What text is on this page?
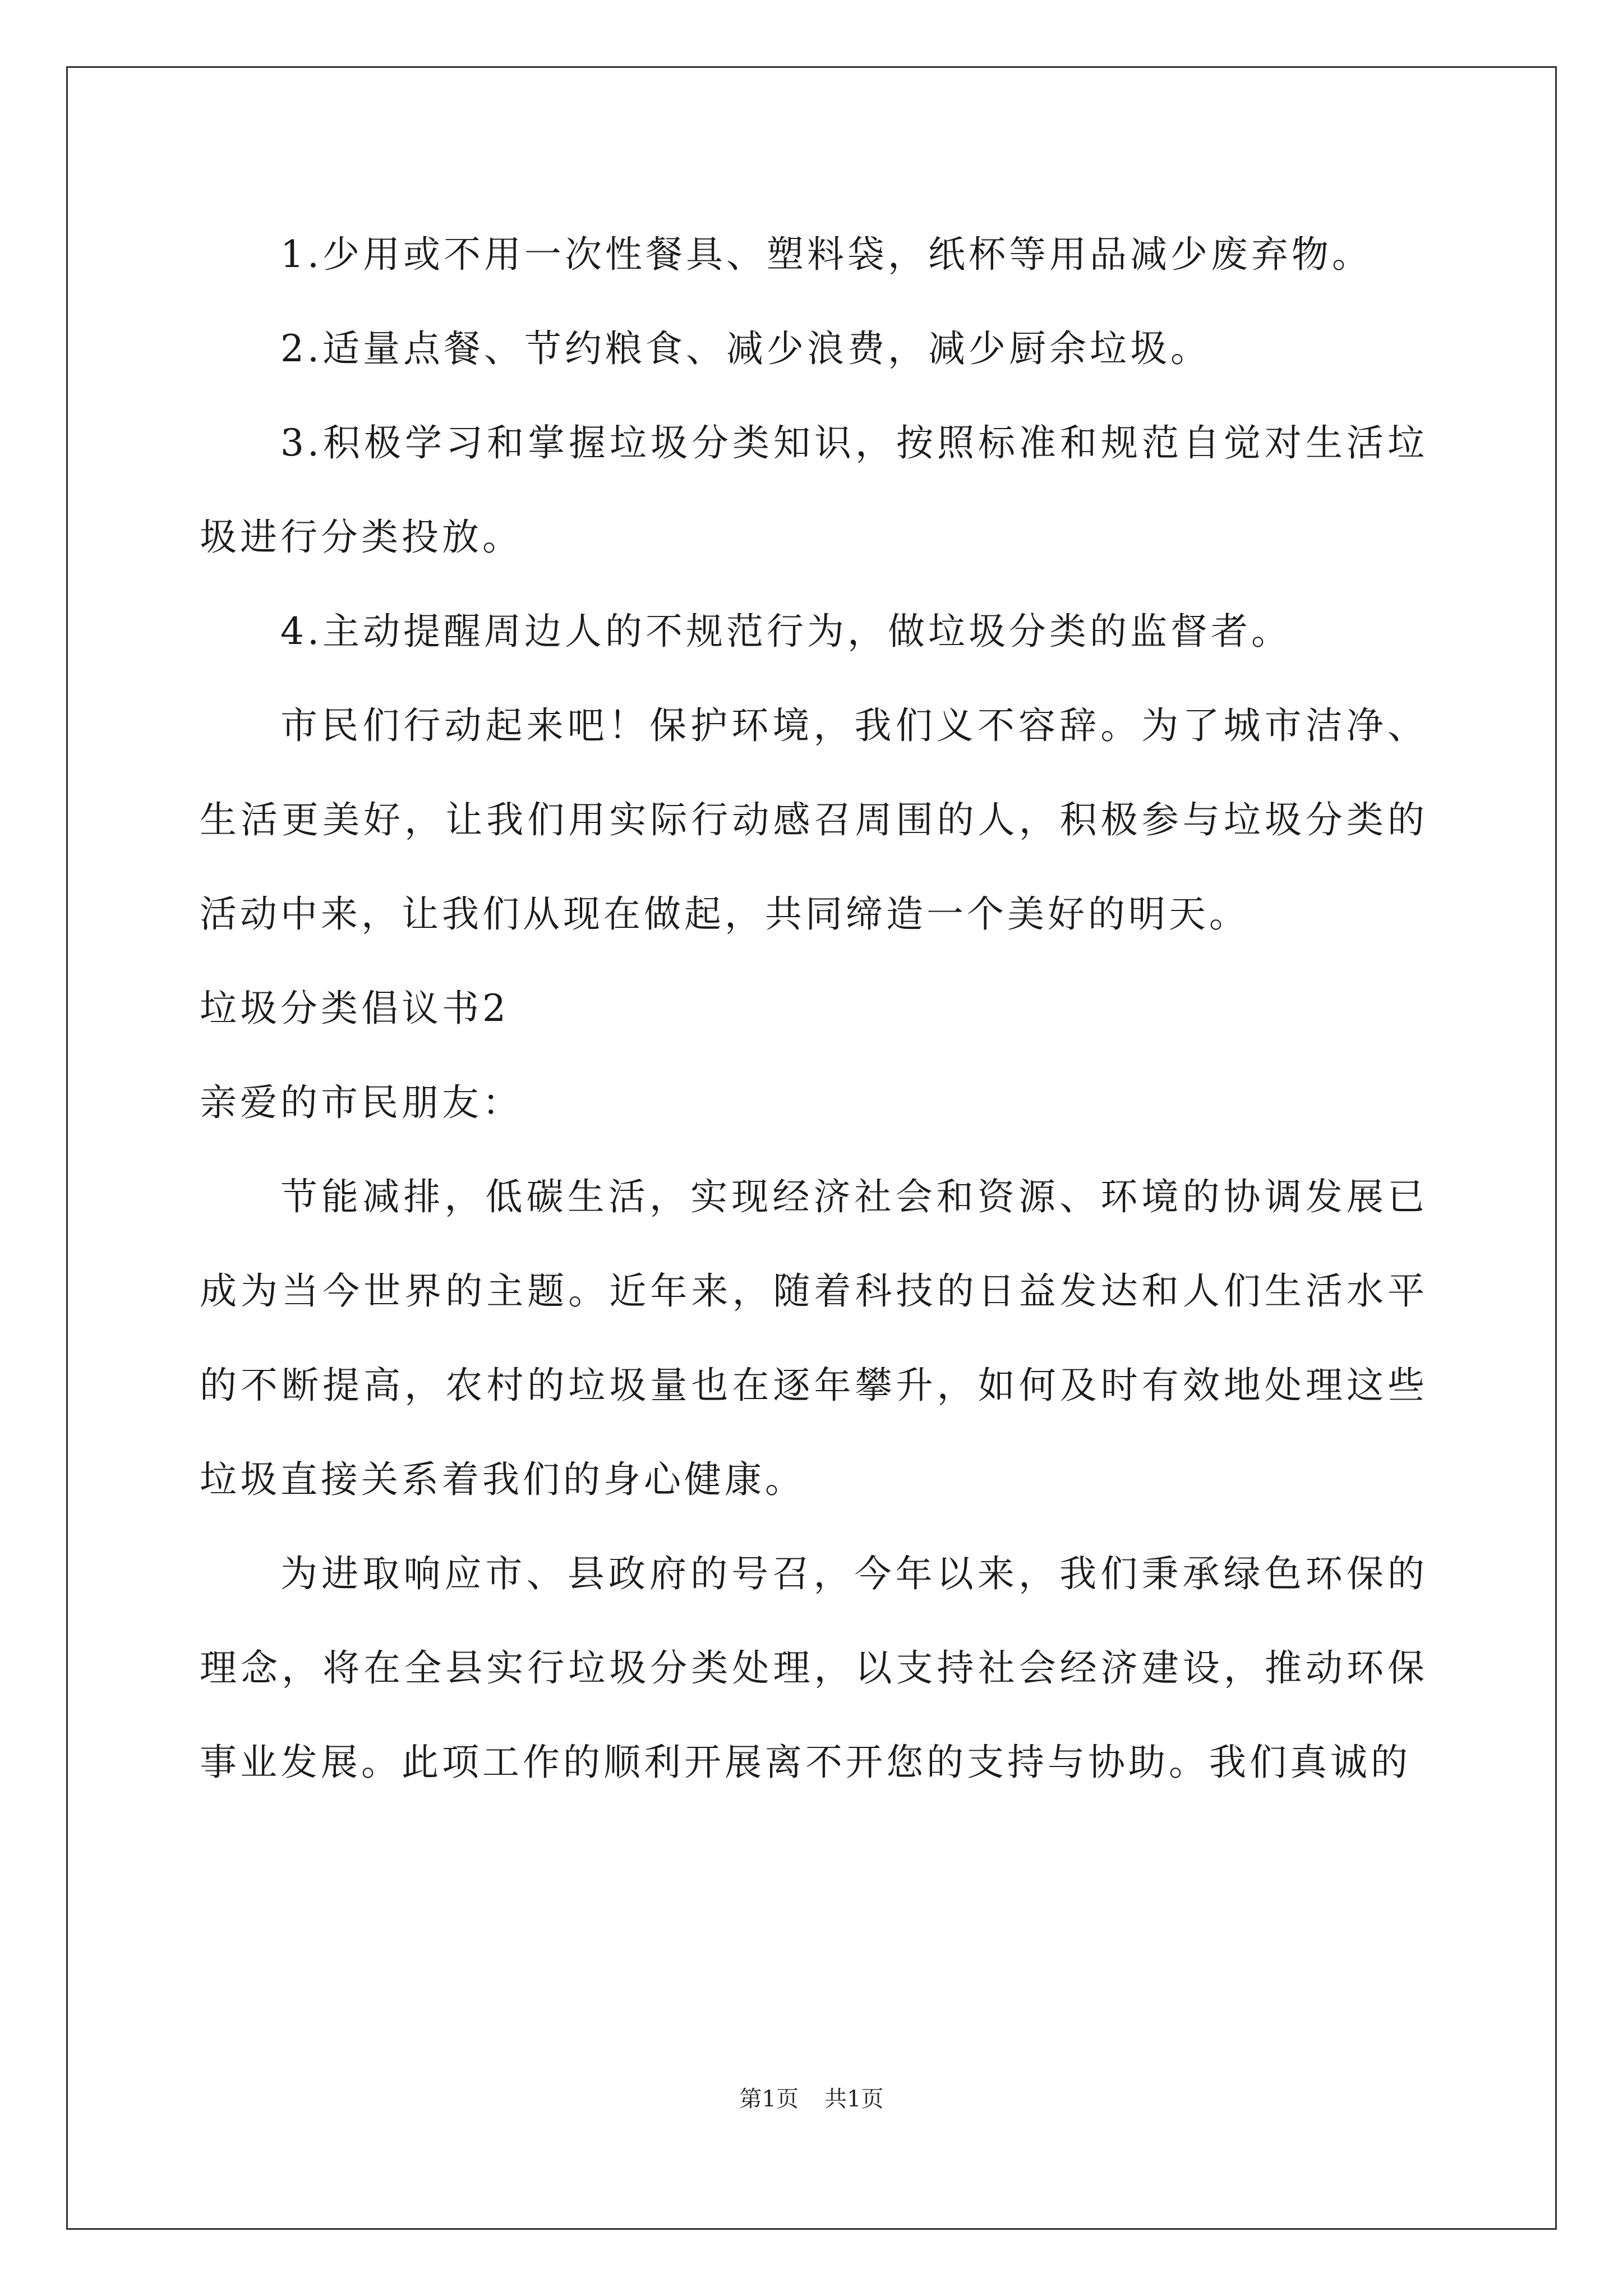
1.少用或不用一次性餐具、塑料袋，纸杯等用品减少废弃物。

2.适量点餐、节约粮食、减少浪费，减少厨余垃圾。

3.积极学习和掌握垃圾分类知识，按照标准和规范自觉对生活垃圾进行分类投放。

4.主动提醒周边人的不规范行为，做垃圾分类的监督者。

市民们行动起来吧！保护环境，我们义不容辞。为了城市洁净、生活更美好，让我们用实际行动感召周围的人，积极参与垃圾分类的活动中来，让我们从现在做起，共同缔造一个美好的明天。

垃圾分类倡议书2

亲爱的市民朋友：

节能减排，低碳生活，实现经济社会和资源、环境的协调发展已成为当今世界的主题。近年来，随着科技的日益发达和人们生活水平的不断提高，农村的垃圾量也在逐年攀升，如何及时有效地处理这些垃圾直接关系着我们的身心健康。

为进取响应市、县政府的号召，今年以来，我们秉承绿色环保的理念，将在全县实行垃圾分类处理，以支持社会经济建设，推动环保事业发展。此项工作的顺利开展离不开您的支持与协助。我们真诚的

第1页 共1页
